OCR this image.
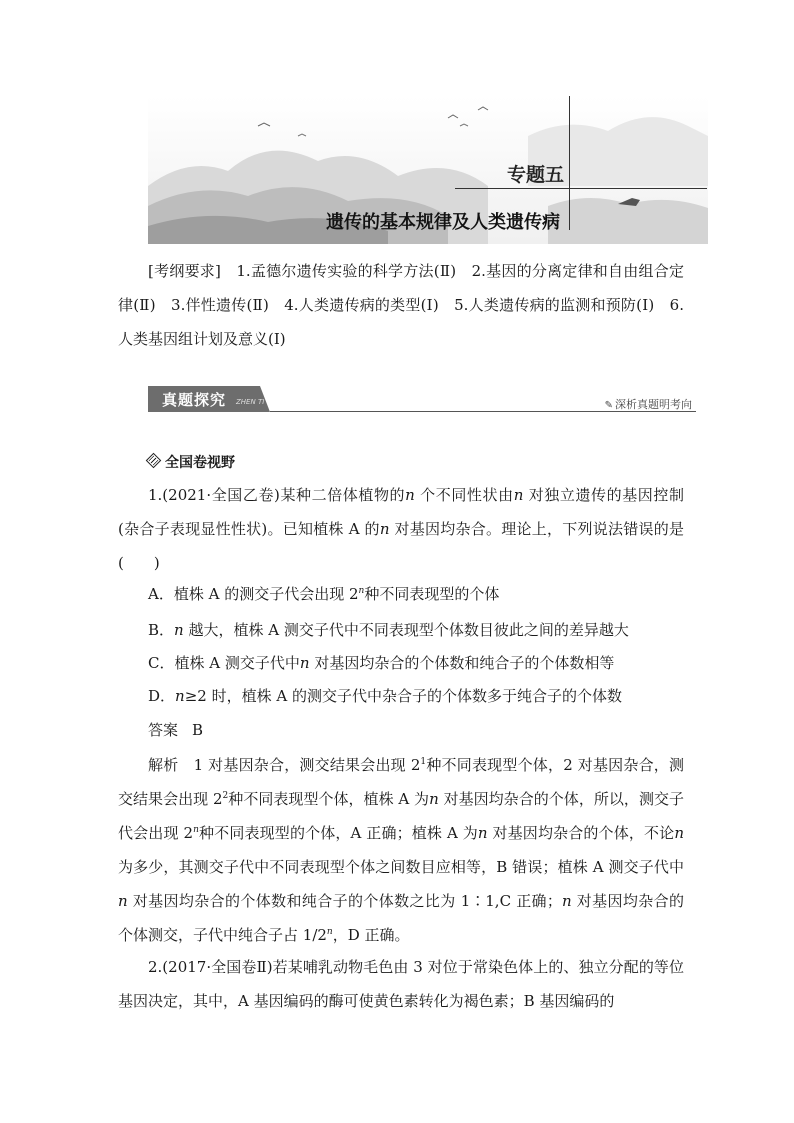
专题五
遗传的基本规律及人类遗传病

[考纲要求]　1.孟德尔遗传实验的科学方法(Ⅱ)　2.基因的分离定律和自由组合定律(Ⅱ)　3.伴性遗传(Ⅱ)　4.人类遗传病的类型(Ⅰ)　5.人类遗传病的监测和预防(Ⅰ)　6.人类基因组计划及意义(Ⅰ)

真题探究 ZHEN TI	✎ 深析真题明考向
全国卷视野

1.(2021·全国乙卷)某种二倍体植物的n 个不同性状由n 对独立遗传的基因控制(杂合子表现显性性状)。已知植株 A 的n 对基因均杂合。理论上，下列说法错误的是(　　)

A．植株 A 的测交子代会出现 2$^n$种不同表现型的个体
B．n 越大，植株 A 测交子代中不同表现型个体数目彼此之间的差异越大
C．植株 A 测交子代中n 对基因均杂合的个体数和纯合子的个体数相等
D．n≥2 时，植株 A 的测交子代中杂合子的个体数多于纯合子的个体数
答案 B

解析　1 对基因杂合，测交结果会出现 $2^1$种不同表现型个体，2 对基因杂合，测交结果会出现 $2^2$种不同表现型个体，植株 A 为n 对基因均杂合的个体，所以，测交子代会出现 2$^n$种不同表现型的个体，A 正确；植株 A 为n 对基因均杂合的个体，不论n 为多少，其测交子代中不同表现型个体之间数目应相等，B 错误；植株 A 测交子代中n 对基因均杂合的个体数和纯合子的个体数之比为 1∶1,C 正确；n 对基因均杂合的个体测交，子代中纯合子占 1/2$^n$，D 正确。

2.(2017·全国卷Ⅱ)若某哺乳动物毛色由 3 对位于常染色体上的、独立分配的等位基因决定，其中，A 基因编码的酶可使黄色素转化为褐色素；B 基因编码的
